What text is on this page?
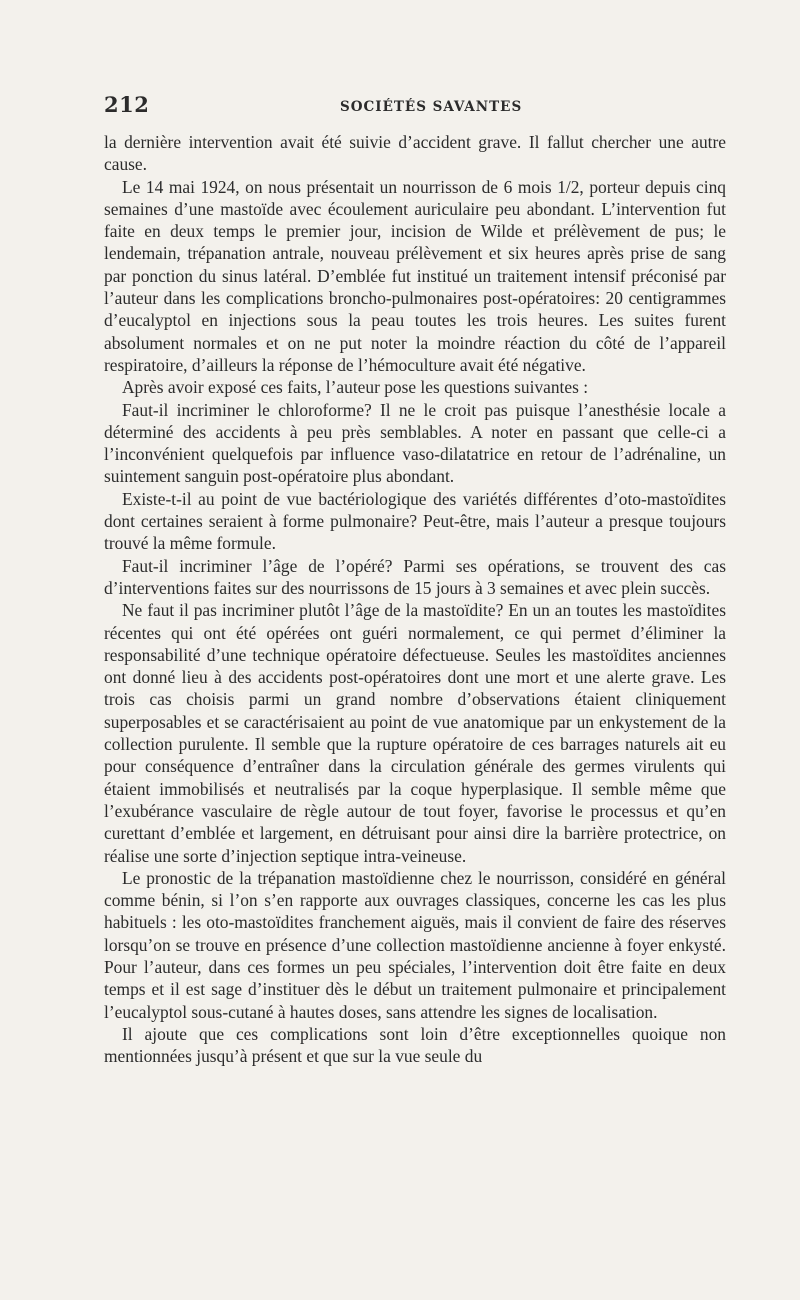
212	SOCIÉTÉS SAVANTES

la dernière intervention avait été suivie d’accident grave. Il fallut chercher une autre cause.

Le 14 mai 1924, on nous présentait un nourrisson de 6 mois 1/2, porteur depuis cinq semaines d’une mastoïde avec écoulement auriculaire peu abondant. L’intervention fut faite en deux temps le premier jour, incision de Wilde et prélèvement de pus; le lendemain, trépanation antrale, nouveau prélèvement et six heures après prise de sang par ponction du sinus latéral. D’emblée fut institué un traitement intensif préconisé par l’auteur dans les complications broncho-pulmonaires post-opératoires: 20 centigrammes d’eucalyptol en injections sous la peau toutes les trois heures. Les suites furent absolument normales et on ne put noter la moindre réaction du côté de l’appareil respiratoire, d’ailleurs la réponse de l’hémoculture avait été négative.

Après avoir exposé ces faits, l’auteur pose les questions suivantes :

Faut-il incriminer le chloroforme? Il ne le croit pas puisque l’anesthésie locale a déterminé des accidents à peu près semblables. A noter en passant que celle-ci a l’inconvénient quelquefois par influence vaso-dilatatrice en retour de l’adrénaline, un suintement sanguin post-opératoire plus abondant.

Existe-t-il au point de vue bactériologique des variétés différentes d’oto-mastoïdites dont certaines seraient à forme pulmonaire? Peut-être, mais l’auteur a presque toujours trouvé la même formule.

Faut-il incriminer l’âge de l’opéré? Parmi ses opérations, se trouvent des cas d’interventions faites sur des nourrissons de 15 jours à 3 semaines et avec plein succès.

Ne faut il pas incriminer plutôt l’âge de la mastoïdite? En un an toutes les mastoïdites récentes qui ont été opérées ont guéri normalement, ce qui permet d’éliminer la responsabilité d’une technique opératoire défectueuse. Seules les mastoïdites anciennes ont donné lieu à des accidents post-opératoires dont une mort et une alerte grave. Les trois cas choisis parmi un grand nombre d’observations étaient cliniquement superposables et se caractérisaient au point de vue anatomique par un enkystement de la collection purulente. Il semble que la rupture opératoire de ces barrages naturels ait eu pour conséquence d’entraîner dans la circulation générale des germes virulents qui étaient immobilisés et neutralisés par la coque hyperplasique. Il semble même que l’exubérance vasculaire de règle autour de tout foyer, favorise le processus et qu’en curettant d’emblée et largement, en détruisant pour ainsi dire la barrière protectrice, on réalise une sorte d’injection septique intra-veineuse.

Le pronostic de la trépanation mastoïdienne chez le nourrisson, considéré en général comme bénin, si l’on s’en rapporte aux ouvrages classiques, concerne les cas les plus habituels : les oto-mastoïdites franchement aiguës, mais il convient de faire des réserves lorsqu’on se trouve en présence d’une collection mastoïdienne ancienne à foyer enkysté. Pour l’auteur, dans ces formes un peu spéciales, l’intervention doit être faite en deux temps et il est sage d’instituer dès le début un traitement pulmonaire et principalement l’eucalyptol sous-cutané à hautes doses, sans attendre les signes de localisation.

Il ajoute que ces complications sont loin d’être exceptionnelles quoique non mentionnées jusqu’à présent et que sur la vue seule du
